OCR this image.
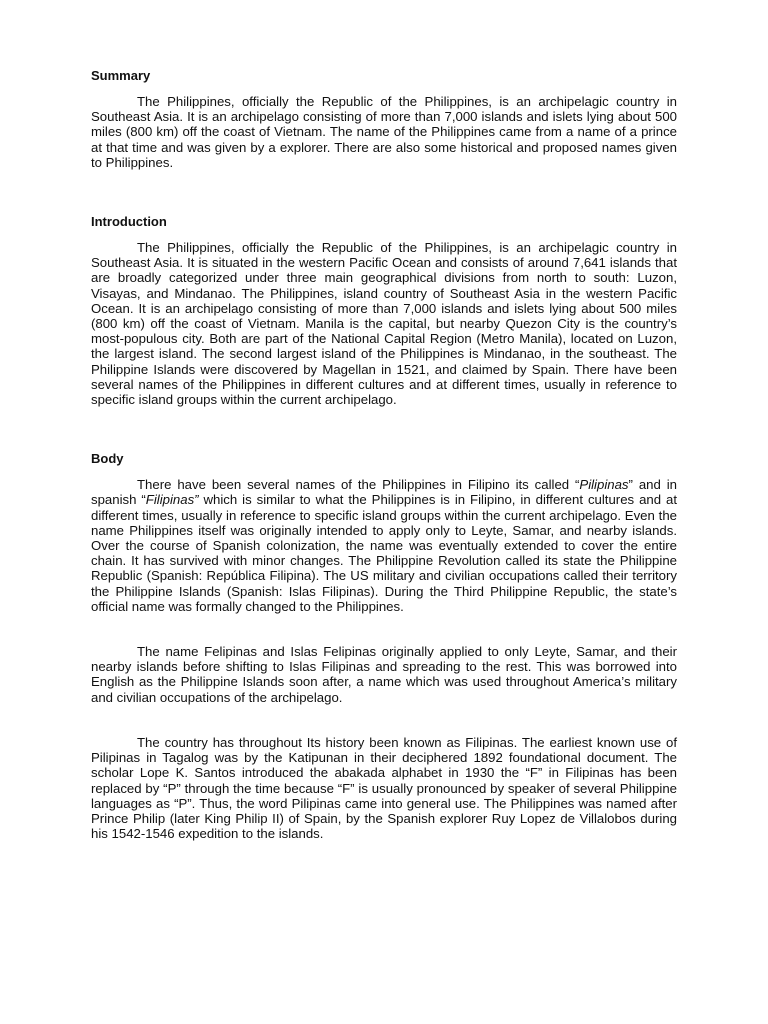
Summary

The Philippines, officially the Republic of the Philippines, is an archipelagic country in Southeast Asia. It is an archipelago consisting of more than 7,000 islands and islets lying about 500 miles (800 km) off the coast of Vietnam. The name of the Philippines came from a name of a prince at that time and was given by a explorer. There are also some historical and proposed names given to Philippines.

Introduction

The Philippines, officially the Republic of the Philippines, is an archipelagic country in Southeast Asia. It is situated in the western Pacific Ocean and consists of around 7,641 islands that are broadly categorized under three main geographical divisions from north to south: Luzon, Visayas, and Mindanao. The Philippines, island country of Southeast Asia in the western Pacific Ocean. It is an archipelago consisting of more than 7,000 islands and islets lying about 500 miles (800 km) off the coast of Vietnam. Manila is the capital, but nearby Quezon City is the country’s most-populous city. Both are part of the National Capital Region (Metro Manila), located on Luzon, the largest island. The second largest island of the Philippines is Mindanao, in the southeast. The Philippine Islands were discovered by Magellan in 1521, and claimed by Spain. There have been several names of the Philippines in different cultures and at different times, usually in reference to specific island groups within the current archipelago.

Body

There have been several names of the Philippines in Filipino its called “Pilipinas” and in spanish “Filipinas” which is similar to what the Philippines is in Filipino, in different cultures and at different times, usually in reference to specific island groups within the current archipelago. Even the name Philippines itself was originally intended to apply only to Leyte, Samar, and nearby islands. Over the course of Spanish colonization, the name was eventually extended to cover the entire chain. It has survived with minor changes. The Philippine Revolution called its state the Philippine Republic (Spanish: República Filipina). The US military and civilian occupations called their territory the Philippine Islands (Spanish: Islas Filipinas). During the Third Philippine Republic, the state’s official name was formally changed to the Philippines.

The name Felipinas and Islas Felipinas originally applied to only Leyte, Samar, and their nearby islands before shifting to Islas Filipinas and spreading to the rest. This was borrowed into English as the Philippine Islands soon after, a name which was used throughout America’s military and civilian occupations of the archipelago.

The country has throughout Its history been known as Filipinas. The earliest known use of Pilipinas in Tagalog was by the Katipunan in their deciphered 1892 foundational document. The scholar Lope K. Santos introduced the abakada alphabet in 1930 the “F” in Filipinas has been replaced by “P” through the time because “F” is usually pronounced by speaker of several Philippine languages as “P”. Thus, the word Pilipinas came into general use. The Philippines was named after Prince Philip (later King Philip II) of Spain, by the Spanish explorer Ruy Lopez de Villalobos during his 1542-1546 expedition to the islands.
